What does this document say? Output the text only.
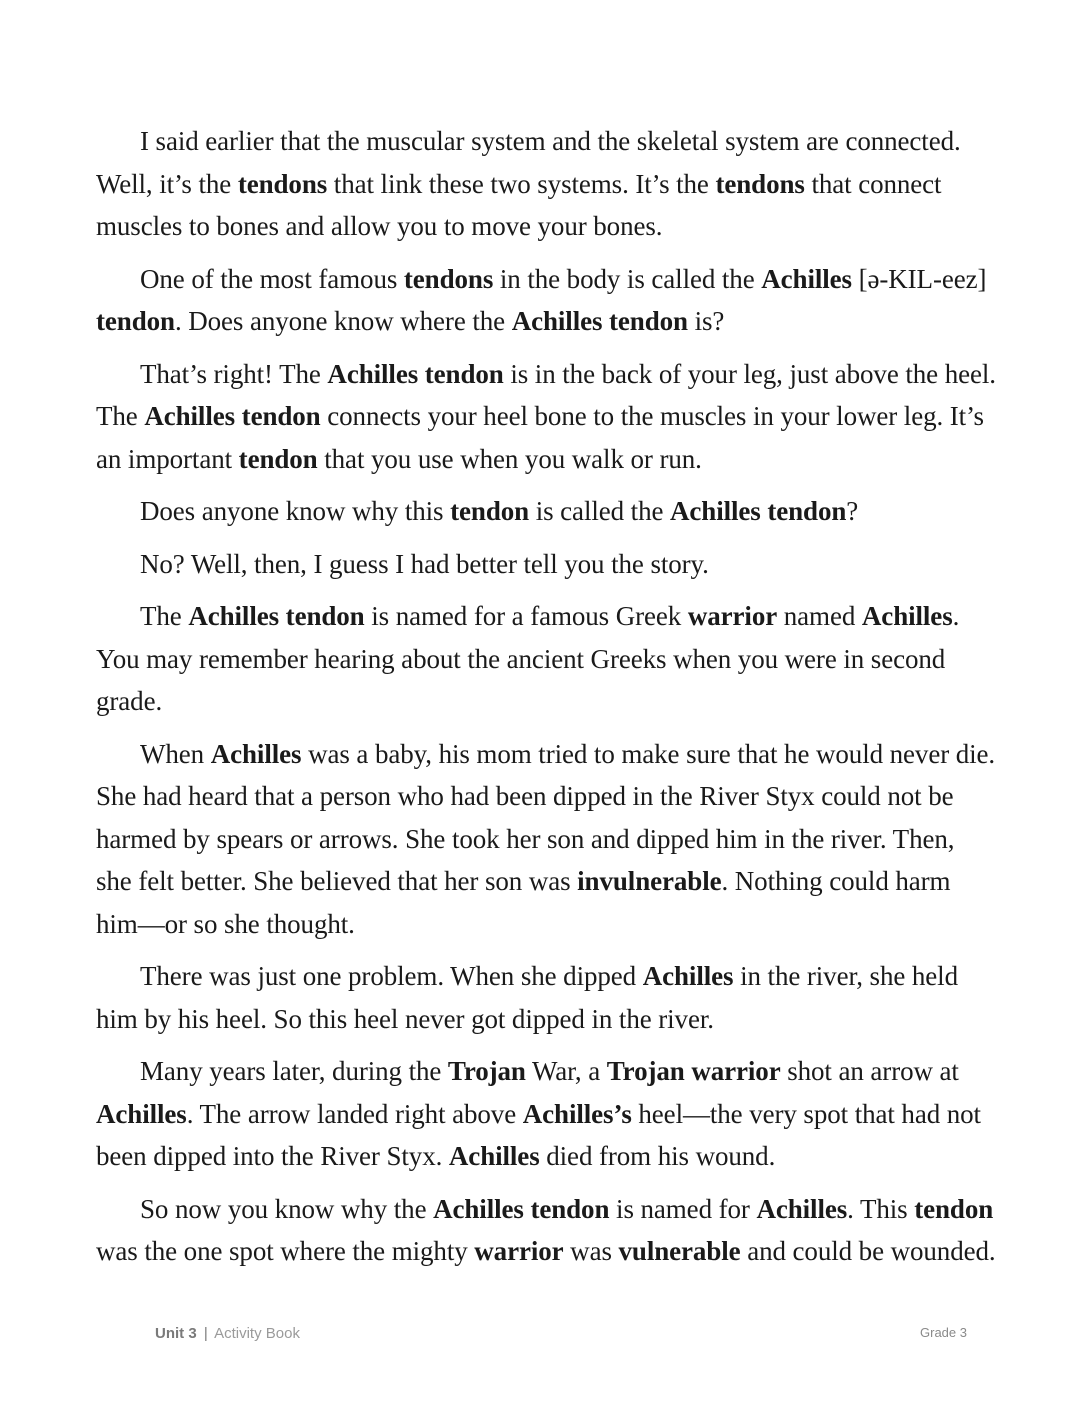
I said earlier that the muscular system and the skeletal system are connected. Well, it’s the tendons that link these two systems. It’s the tendons that connect muscles to bones and allow you to move your bones.

One of the most famous tendons in the body is called the Achilles [ə-KIL-eez] tendon. Does anyone know where the Achilles tendon is?

That’s right! The Achilles tendon is in the back of your leg, just above the heel. The Achilles tendon connects your heel bone to the muscles in your lower leg. It’s an important tendon that you use when you walk or run.

Does anyone know why this tendon is called the Achilles tendon?

No? Well, then, I guess I had better tell you the story.

The Achilles tendon is named for a famous Greek warrior named Achilles. You may remember hearing about the ancient Greeks when you were in second grade.

When Achilles was a baby, his mom tried to make sure that he would never die. She had heard that a person who had been dipped in the River Styx could not be harmed by spears or arrows. She took her son and dipped him in the river. Then, she felt better. She believed that her son was invulnerable. Nothing could harm him—or so she thought.

There was just one problem. When she dipped Achilles in the river, she held him by his heel. So this heel never got dipped in the river.

Many years later, during the Trojan War, a Trojan warrior shot an arrow at Achilles. The arrow landed right above Achilles’s heel—the very spot that had not been dipped into the River Styx. Achilles died from his wound.

So now you know why the Achilles tendon is named for Achilles. This tendon was the one spot where the mighty warrior was vulnerable and could be wounded.

Unit 3 | Activity Book	Grade 3
